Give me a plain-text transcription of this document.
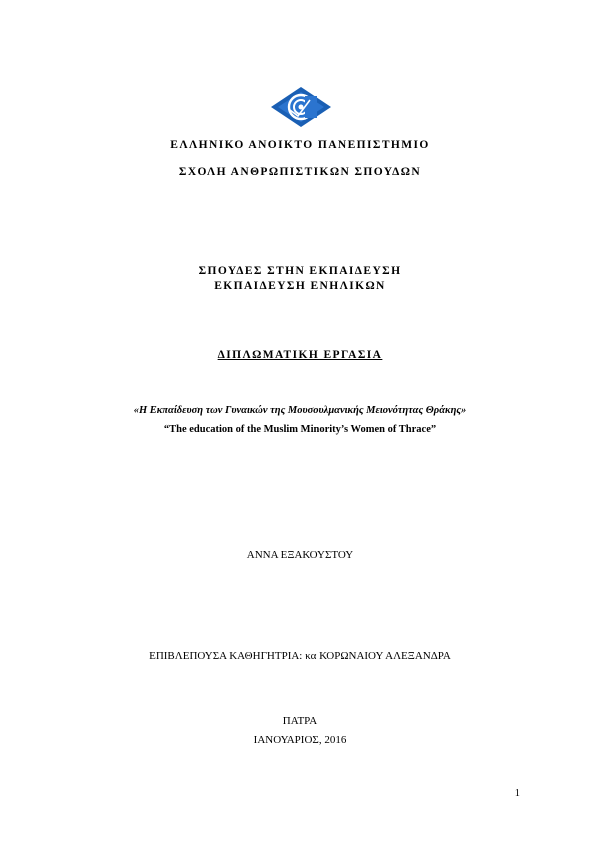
ΕΛΛΗΝΙΚΟ ΑΝΟΙΚΤΟ ΠΑΝΕΠΙΣΤΗΜΙΟ
ΣΧΟΛΗ ΑΝΘΡΩΠΙΣΤΙΚΩΝ ΣΠΟΥΔΩΝ
ΣΠΟΥΔΕΣ ΣΤΗΝ ΕΚΠΑΙΔΕΥΣΗ
ΕΚΠΑΙΔΕΥΣΗ ΕΝΗΛΙΚΩΝ
ΔΙΠΛΩΜΑΤΙΚΗ ΕΡΓΑΣΙΑ
«Η Εκπαίδευση των Γυναικών της Μουσουλμανικής Μειονότητας Θράκης»
“The education of the Muslim Minority’s Women of Thrace”
ΑΝΝΑ ΕΞΑΚΟΥΣΤΟΥ
ΕΠΙΒΛΕΠΟΥΣΑ ΚΑΘΗΓΗΤΡΙΑ: κα ΚΟΡΩΝΑΙΟΥ ΑΛΕΞΑΝΔΡΑ
ΠΑΤΡΑ
ΙΑΝΟΥΑΡΙΟΣ, 2016
1
